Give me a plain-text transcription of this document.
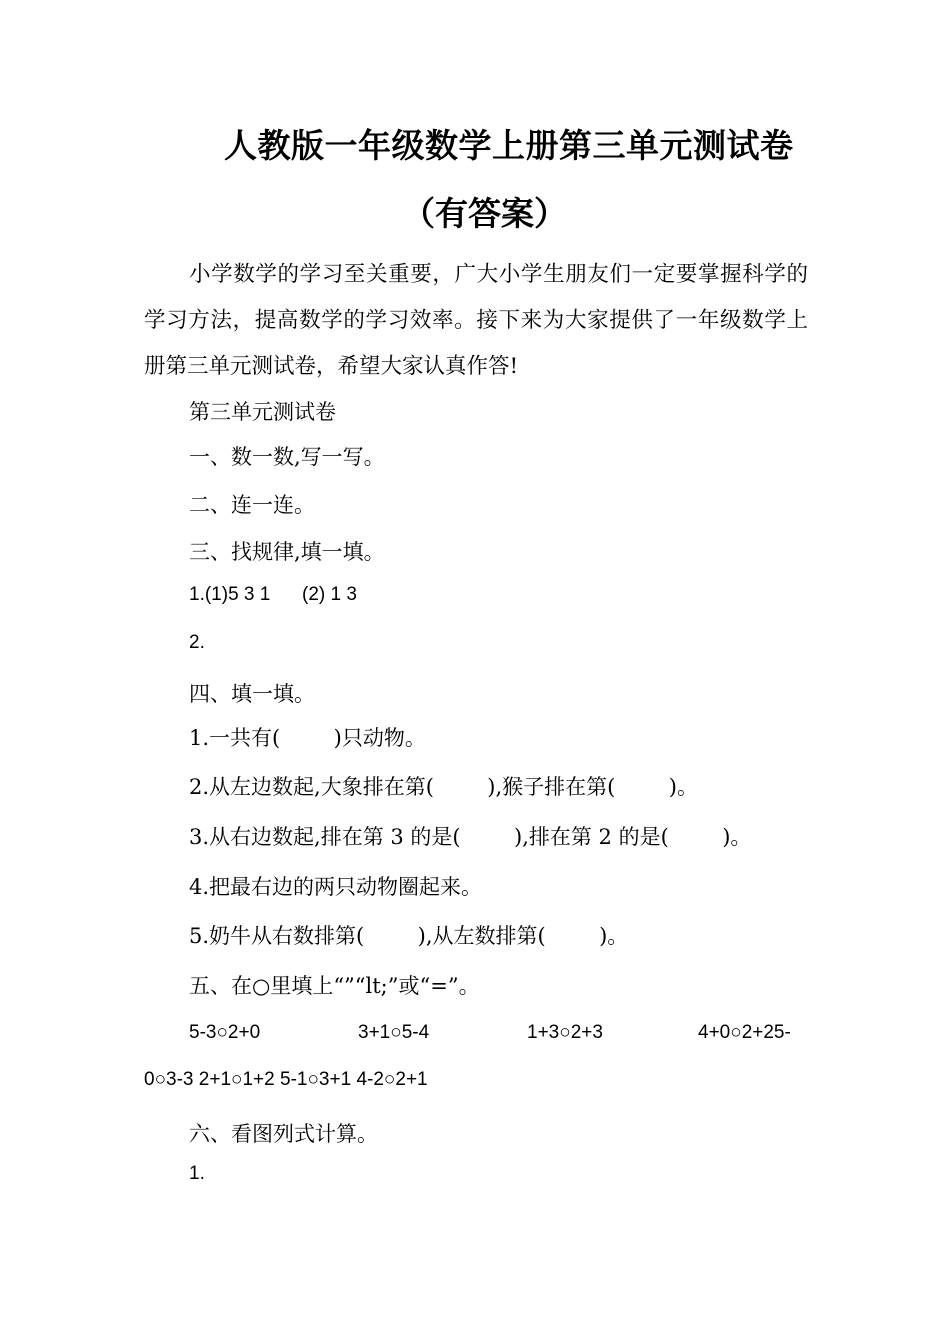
人教版一年级数学上册第三单元测试卷
（有答案）
小学数学的学习至关重要，广大小学生朋友们一定要掌握科学的学习方法，提高数学的学习效率。接下来为大家提供了一年级数学上册第三单元测试卷，希望大家认真作答!
第三单元测试卷
一、数一数,写一写。
二、连一连。
三、找规律,填一填。
1.(1)5 3 1      (2) 1 3
2.
四、填一填。
1.一共有(        )只动物。
2.从左边数起,大象排在第(        ),猴子排在第(        )。
3.从右边数起,排在第 3 的是(        ),排在第 2 的是(        )。
4.把最右边的两只动物圈起来。
5.奶牛从右数排第(        ),从左数排第(        )。
五、在○里填上“”“lt;”或“=”。
5-3○2+0	3+1○5-4	1+3○2+3	4+0○2+25-
0○3-3 2+1○1+2 5-1○3+1 4-2○2+1
六、看图列式计算。
1.
